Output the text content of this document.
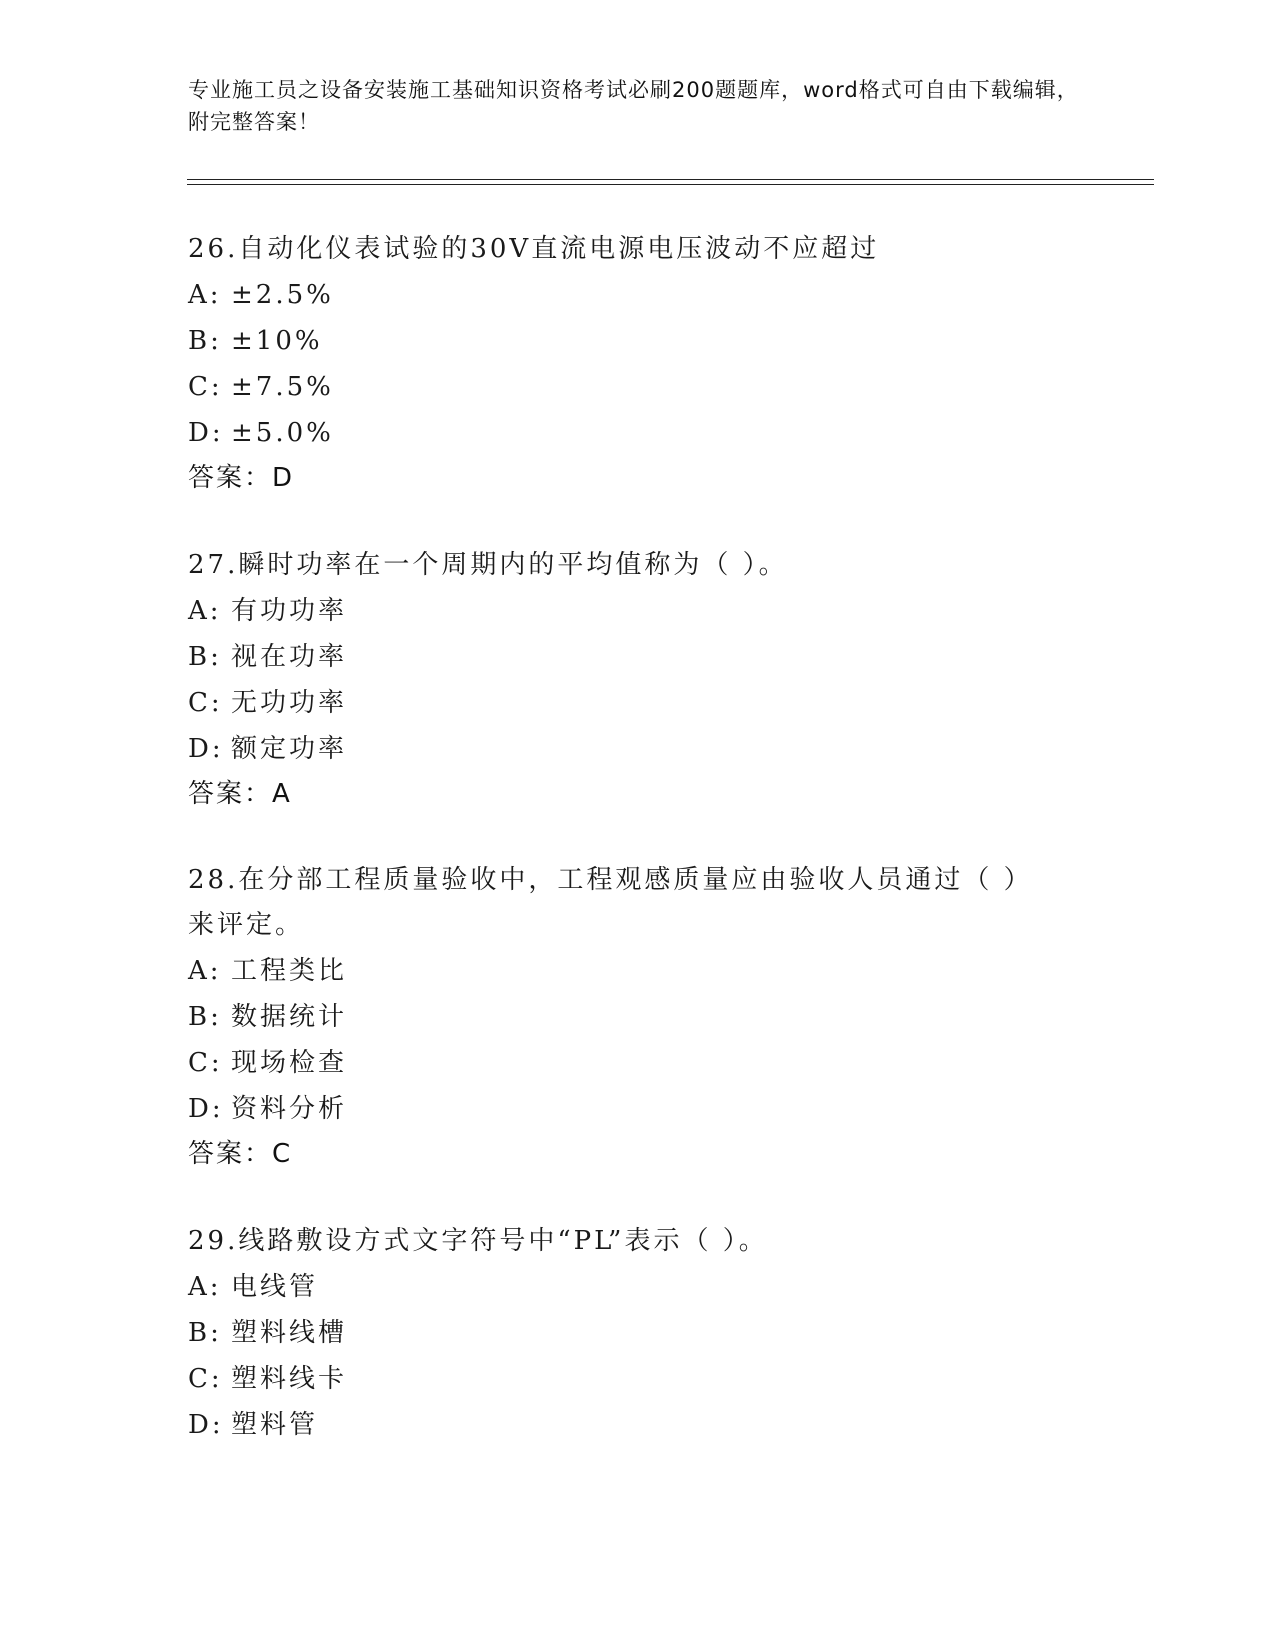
专业施工员之设备安装施工基础知识资格考试必刷200题题库，word格式可自由下载编辑，附完整答案！
26.自动化仪表试验的30V直流电源电压波动不应超过
A: ±2.5%
B: ±10%
C: ±7.5%
D: ±5.0%
答案：D
27.瞬时功率在一个周期内的平均值称为（ ）。
A: 有功功率
B: 视在功率
C: 无功功率
D: 额定功率
答案：A
28.在分部工程质量验收中，工程观感质量应由验收人员通过（ ）来评定。
A: 工程类比
B: 数据统计
C: 现场检查
D: 资料分析
答案：C
29.线路敷设方式文字符号中“PL”表示（ ）。
A: 电线管
B: 塑料线槽
C: 塑料线卡
D: 塑料管
